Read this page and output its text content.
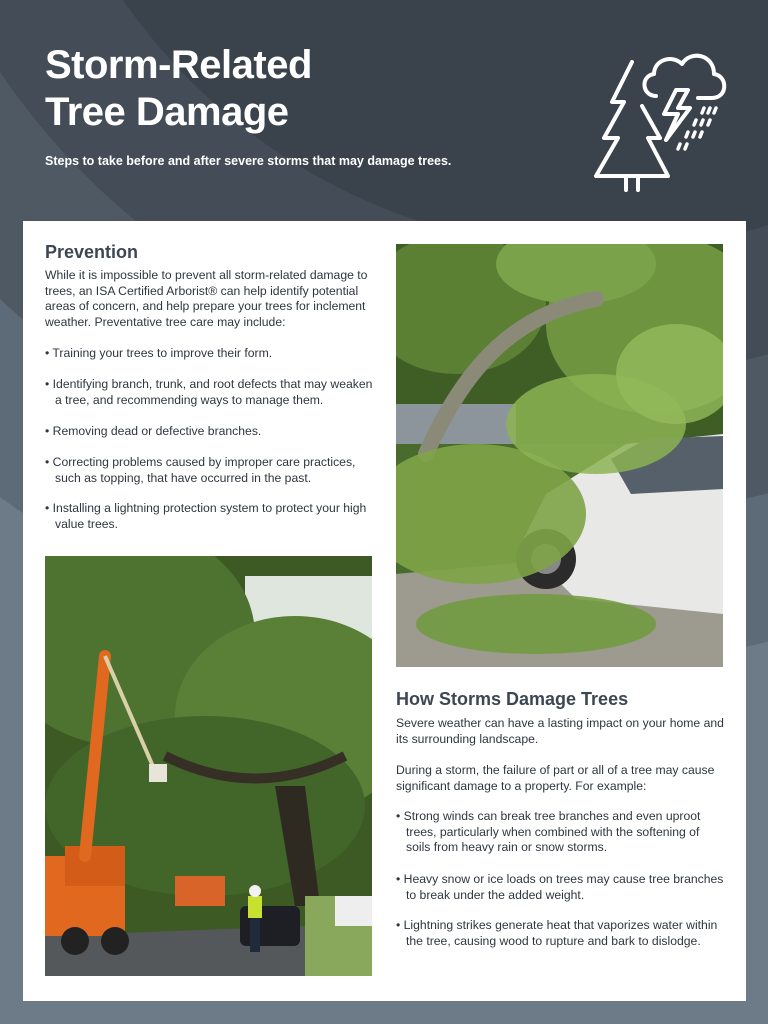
Storm-Related
Tree Damage
Steps to take before and after severe storms that may damage trees.
Prevention
While it is impossible to prevent all storm-related damage to trees, an ISA Certified Arborist® can help identify potential areas of concern, and help prepare your trees for inclement weather. Preventative tree care may include:
• Training your trees to improve their form.
• Identifying branch, trunk, and root defects that may weaken a tree, and recommending ways to manage them.
• Removing dead or defective branches.
• Correcting problems caused by improper care practices, such as topping, that have occurred in the past.
• Installing a lightning protection system to protect your high value trees.
How Storms Damage Trees
Severe weather can have a lasting impact on your home and its surrounding landscape.
During a storm, the failure of part or all of a tree may cause significant damage to a property. For example:
• Strong winds can break tree branches and even uproot trees, particularly when combined with the softening of soils from heavy rain or snow storms.
• Heavy snow or ice loads on trees may cause tree branches to break under the added weight.
• Lightning strikes generate heat that vaporizes water within the tree, causing wood to rupture and bark to dislodge.
